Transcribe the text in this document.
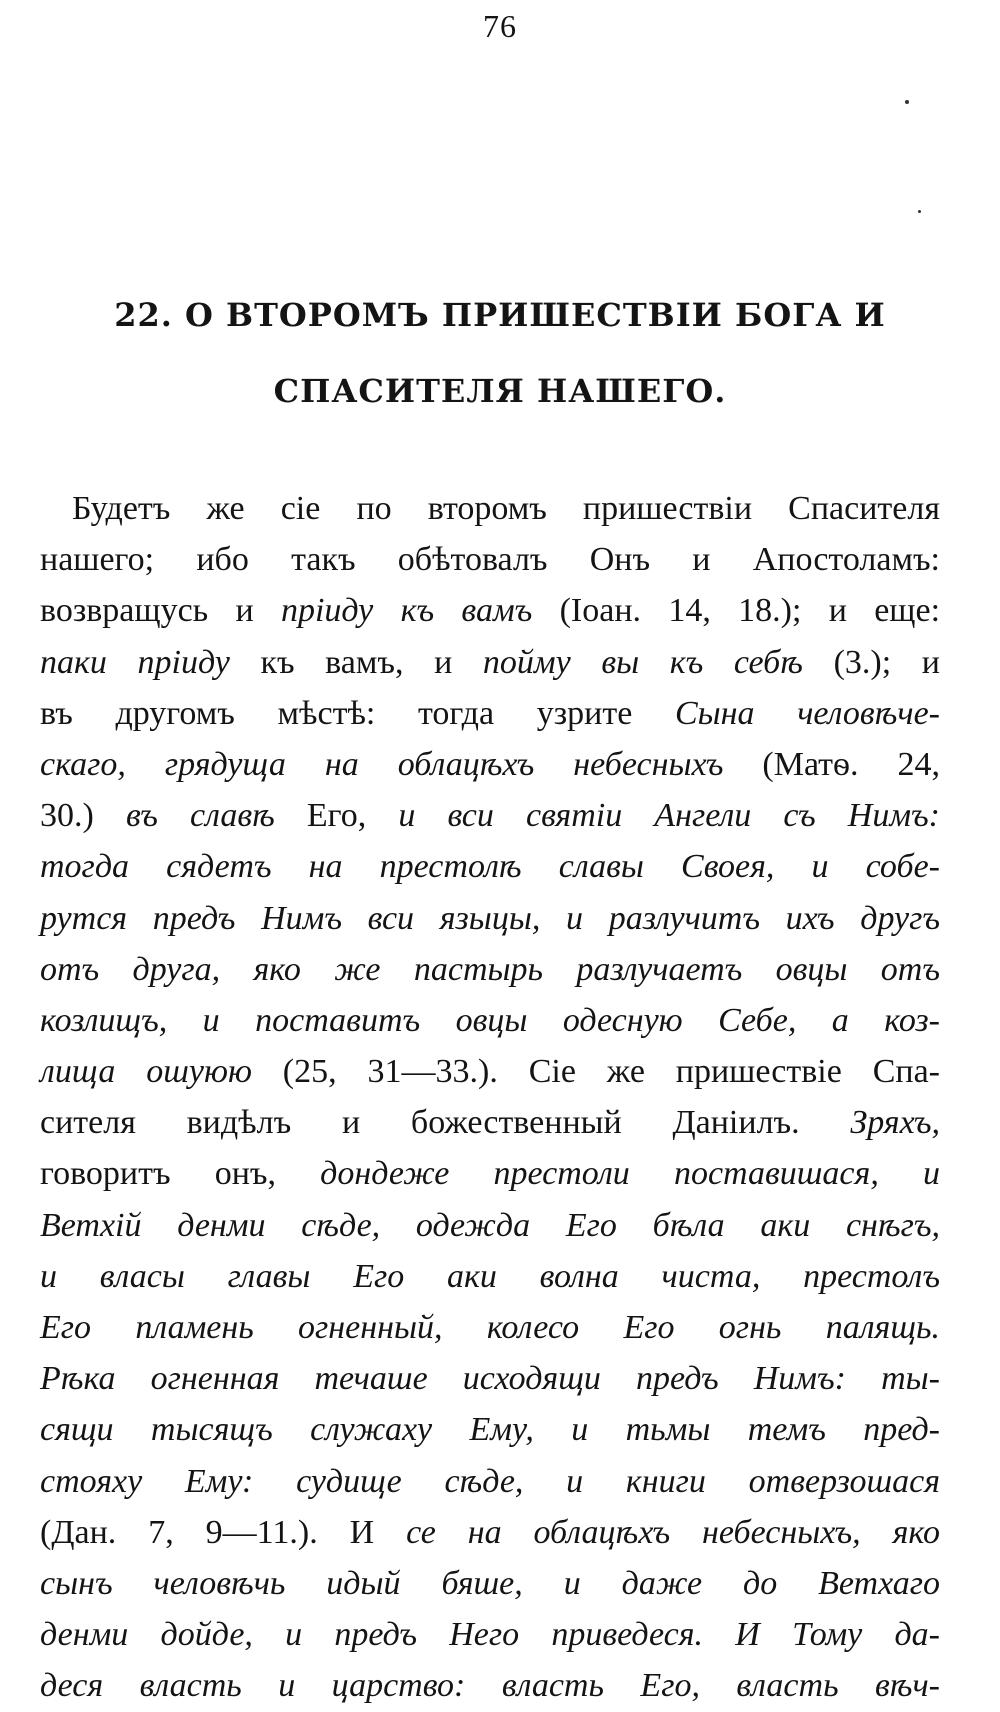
76
22. О ВТОРОМЪ ПРИШЕСТВІИ БОГА И
СПАСИТЕЛЯ НАШЕГО.
Будетъ же сіе по второмъ пришествіи Спасителя
нашего; ибо такъ обѣтовалъ Онъ и Апостоламъ:
возвращусь и пріиду къ вамъ (Іоан. 14, 18.); и еще:
паки пріиду къ вамъ, и пойму вы къ себѣ (3.); и
въ другомъ мѣстѣ: тогда узрите Сына человѣче-
скаго, грядуща на облацѣхъ небесныхъ (Матѳ. 24,
30.) въ славѣ Его, и вси святіи Ангели съ Нимъ:
тогда сядетъ на престолѣ славы Своея, и собе-
рутся предъ Нимъ вси языцы, и разлучитъ ихъ другъ
отъ друга, яко же пастырь разлучаетъ овцы отъ
козлищъ, и поставитъ овцы одесную Себе, а коз-
лища ошуюю (25, 31—33.). Сіе же пришествіе Спа-
сителя видѣлъ и божественный Даніилъ. Зряхъ,
говоритъ онъ, дондеже престоли поставишася, и
Ветхій денми сѣде, одежда Его бѣла аки снѣгъ,
и власы главы Его аки волна чиста, престолъ
Его пламень огненный, колесо Его огнь палящь.
Рѣка огненная течаше исходящи предъ Нимъ: ты-
сящи тысящъ служаху Ему, и тьмы темъ пред-
стояху Ему: судище сѣде, и книги отверзошася
(Дан. 7, 9—11.). И се на облацѣхъ небесныхъ, яко
сынъ человѣчь идый бяше, и даже до Ветхаго
денми дойде, и предъ Него приведеся. И Тому да-
деся власть и царство: власть Его, власть вѣч-
